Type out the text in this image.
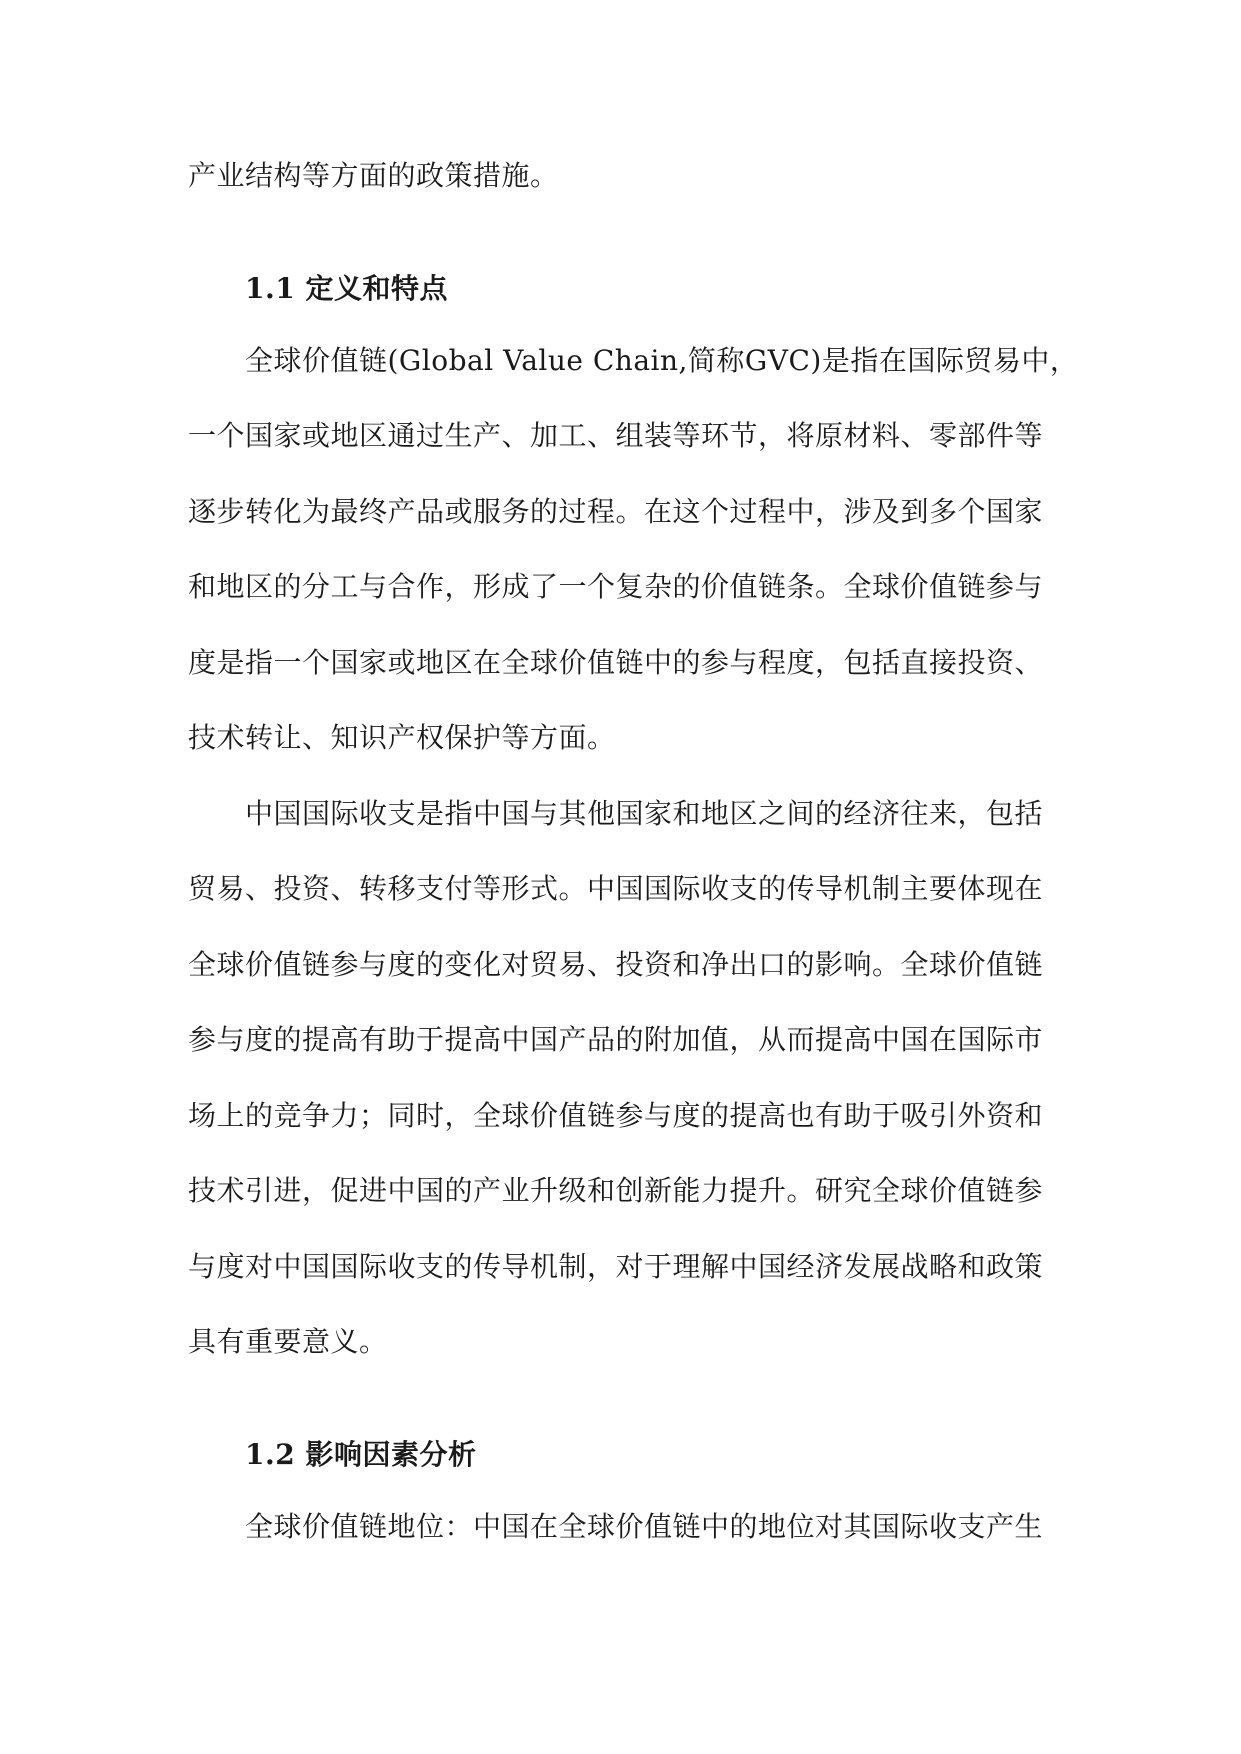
产业结构等方面的政策措施。
1.1 定义和特点
全球价值链(Global Value Chain,简称GVC)是指在国际贸易中，
一个国家或地区通过生产、加工、组装等环节，将原材料、零部件等
逐步转化为最终产品或服务的过程。在这个过程中，涉及到多个国家
和地区的分工与合作，形成了一个复杂的价值链条。全球价值链参与
度是指一个国家或地区在全球价值链中的参与程度，包括直接投资、
技术转让、知识产权保护等方面。
中国国际收支是指中国与其他国家和地区之间的经济往来，包括
贸易、投资、转移支付等形式。中国国际收支的传导机制主要体现在
全球价值链参与度的变化对贸易、投资和净出口的影响。全球价值链
参与度的提高有助于提高中国产品的附加值，从而提高中国在国际市
场上的竞争力；同时，全球价值链参与度的提高也有助于吸引外资和
技术引进，促进中国的产业升级和创新能力提升。研究全球价值链参
与度对中国国际收支的传导机制，对于理解中国经济发展战略和政策
具有重要意义。
1.2 影响因素分析
全球价值链地位：中国在全球价值链中的地位对其国际收支产生
